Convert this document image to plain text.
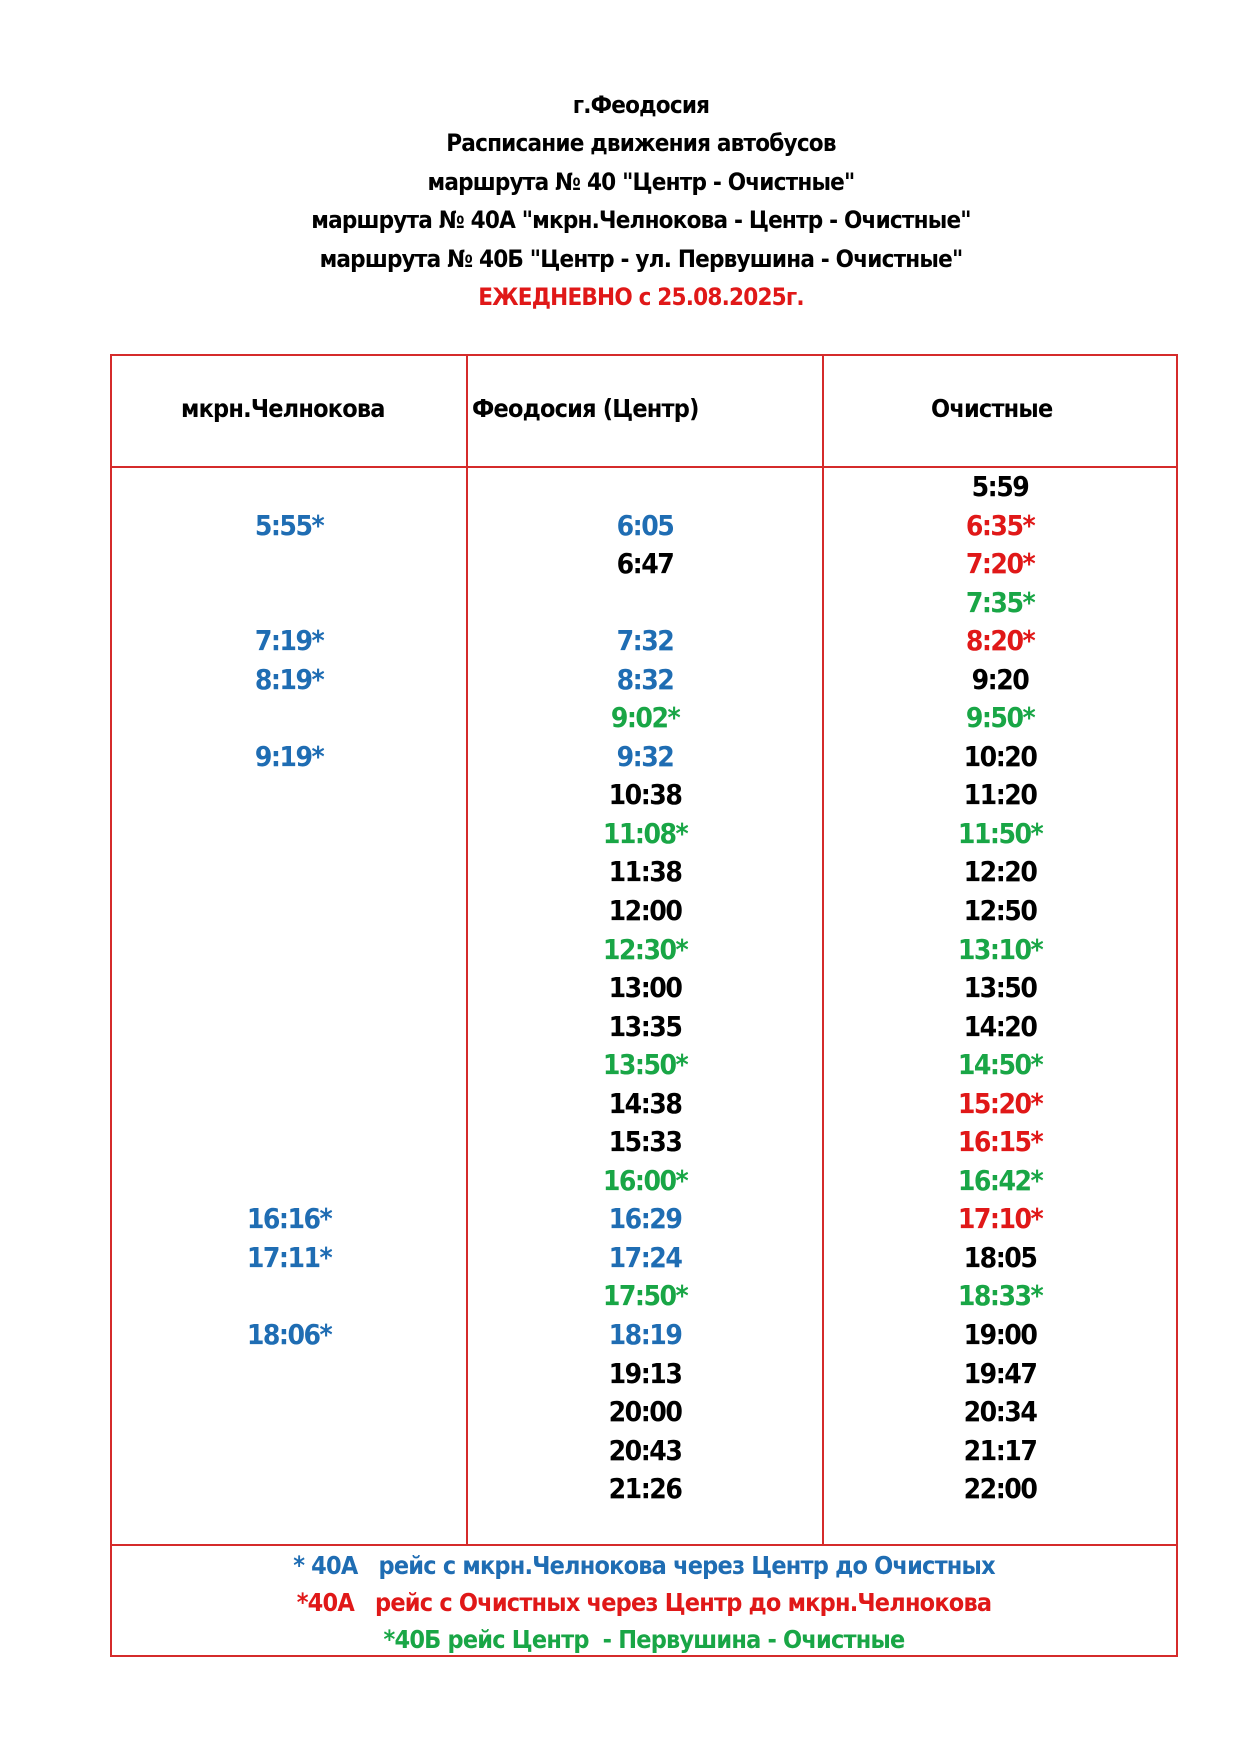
г.Феодосия
Расписание движения автобусов
маршрута № 40 "Центр - Очистные"
маршрута № 40А "мкрн.Челнокова - Центр - Очистные"
маршрута № 40Б "Центр - ул. Первушина - Очистные"
ЕЖЕДНЕВНО с 25.08.2025г.
мкрн.Челнокова	Феодосия (Центр)	Очистные
5:55*
7:19*
8:19*
9:19*
16:16*
17:11*
18:06*
6:05
6:47
7:32
8:32
9:02*
9:32
10:38
11:08*
11:38
12:00
12:30*
13:00
13:35
13:50*
14:38
15:33
16:00*
16:29
17:24
17:50*
18:19
19:13
20:00
20:43
21:26
5:59
6:35*
7:20*
7:35*
8:20*
9:20
9:50*
10:20
11:20
11:50*
12:20
12:50
13:10*
13:50
14:20
14:50*
15:20*
16:15*
16:42*
17:10*
18:05
18:33*
19:00
19:47
20:34
21:17
22:00
* 40А   рейс с мкрн.Челнокова через Центр до Очистных
*40А   рейс с Очистных через Центр до мкрн.Челнокова
*40Б рейс Центр  - Первушина - Очистные
